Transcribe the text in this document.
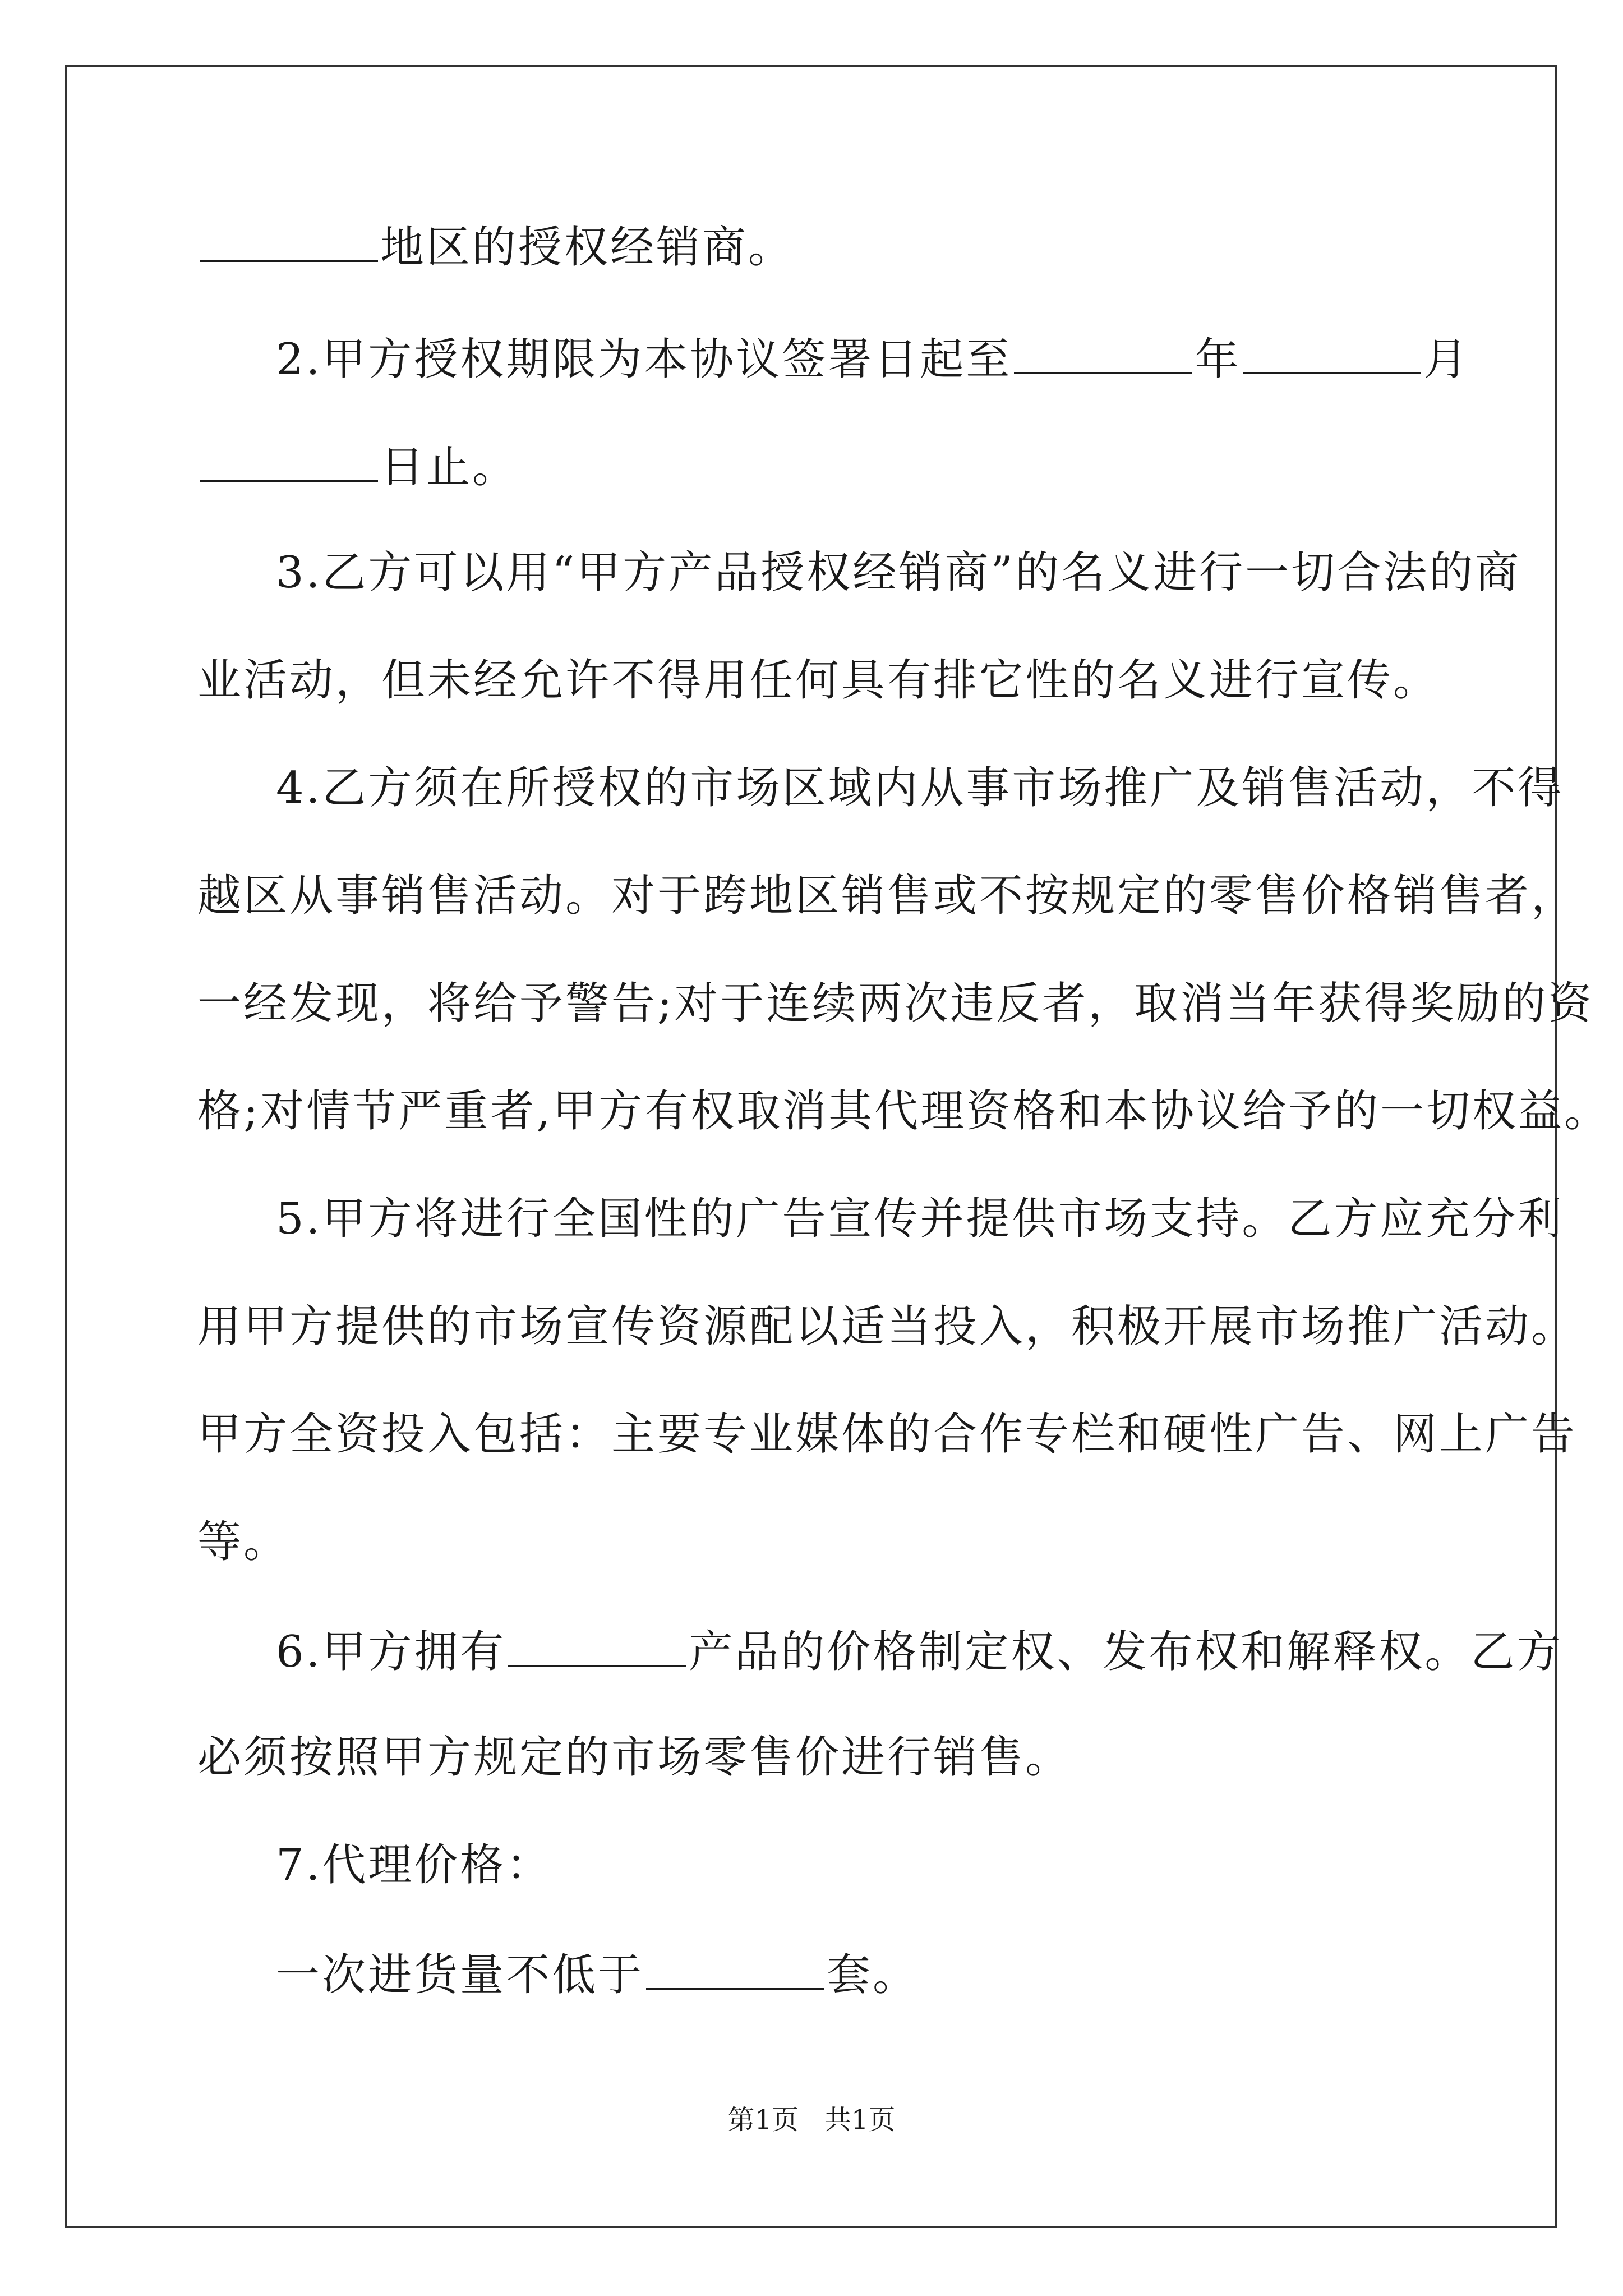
地区的授权经销商。
2.甲方授权期限为本协议签署日起至	年	月
日止。
3.乙方可以用“甲方产品授权经销商”的名义进行一切合法的商
业活动，但未经允许不得用任何具有排它性的名义进行宣传。
4.乙方须在所授权的市场区域内从事市场推广及销售活动，不得
越区从事销售活动。对于跨地区销售或不按规定的零售价格销售者，
一经发现，将给予警告;对于连续两次违反者，取消当年获得奖励的资
格;对情节严重者,甲方有权取消其代理资格和本协议给予的一切权益。
5.甲方将进行全国性的广告宣传并提供市场支持。乙方应充分利
用甲方提供的市场宣传资源配以适当投入，积极开展市场推广活动。
甲方全资投入包括：主要专业媒体的合作专栏和硬性广告、网上广告
等。
6.甲方拥有	产品的价格制定权、发布权和解释权。乙方
必须按照甲方规定的市场零售价进行销售。
7.代理价格：
一次进货量不低于	套。
第1页   共1页
